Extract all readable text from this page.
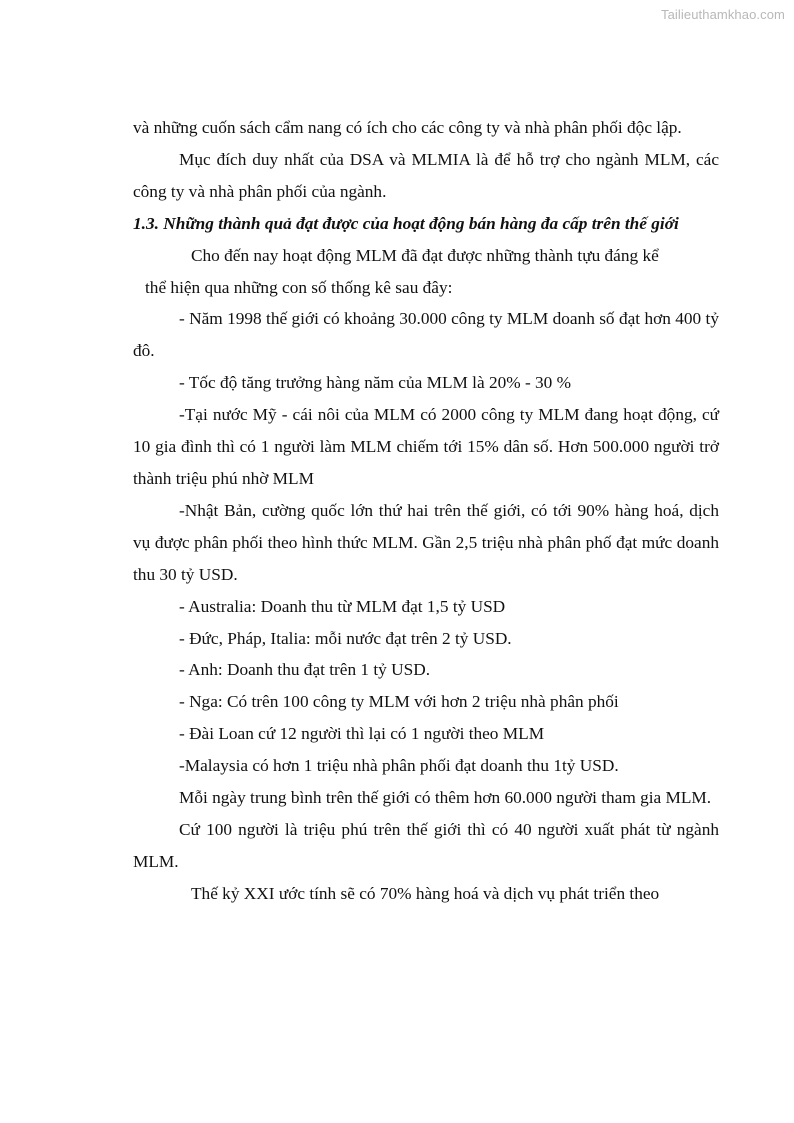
Tailieuthamkhao.com

và những cuốn sách cẩm nang có ích cho các công ty và nhà phân phối độc lập.

Mục đích duy nhất của DSA và MLMIA là để hỗ trợ cho ngành MLM, các công ty và nhà phân phối của ngành.

1.3. Những thành quả đạt được của hoạt động bán hàng đa cấp trên thế giới

Cho đến nay hoạt động MLM đã đạt được những thành tựu đáng kể

thể hiện qua những con số thống kê sau đây:

- Năm 1998 thế giới có khoảng 30.000 công ty MLM doanh số đạt hơn 400 tỷ đô.

- Tốc độ tăng trưởng hàng năm của MLM là 20% - 30 %

-Tại nước Mỹ - cái nôi của MLM có 2000 công ty MLM đang hoạt động, cứ 10 gia đình thì có 1 người làm MLM chiếm tới 15% dân số. Hơn 500.000 người trở thành triệu phú nhờ MLM

-Nhật Bản, cường quốc lớn thứ hai trên thế giới, có tới 90% hàng hoá, dịch vụ được phân phối theo hình thức MLM. Gần 2,5 triệu nhà phân phố đạt mức doanh thu 30 tỷ USD.

- Australia: Doanh thu từ MLM đạt 1,5 tỷ USD

- Đức, Pháp, Italia: mỗi nước đạt trên 2 tỷ USD.

- Anh: Doanh thu đạt trên 1 tỷ USD.

- Nga: Có trên 100 công ty MLM với hơn 2 triệu nhà phân phối

- Đài Loan cứ 12 người thì lại có 1 người theo MLM

-Malaysia có hơn 1 triệu nhà phân phối đạt doanh thu 1tỷ USD.

Mỗi ngày trung bình trên thế giới có thêm hơn 60.000 người tham gia MLM.

Cứ 100 người là triệu phú trên thế giới thì có 40 người xuất phát từ ngành MLM.

Thế kỷ XXI ước tính sẽ có 70% hàng hoá và dịch vụ phát triển theo
